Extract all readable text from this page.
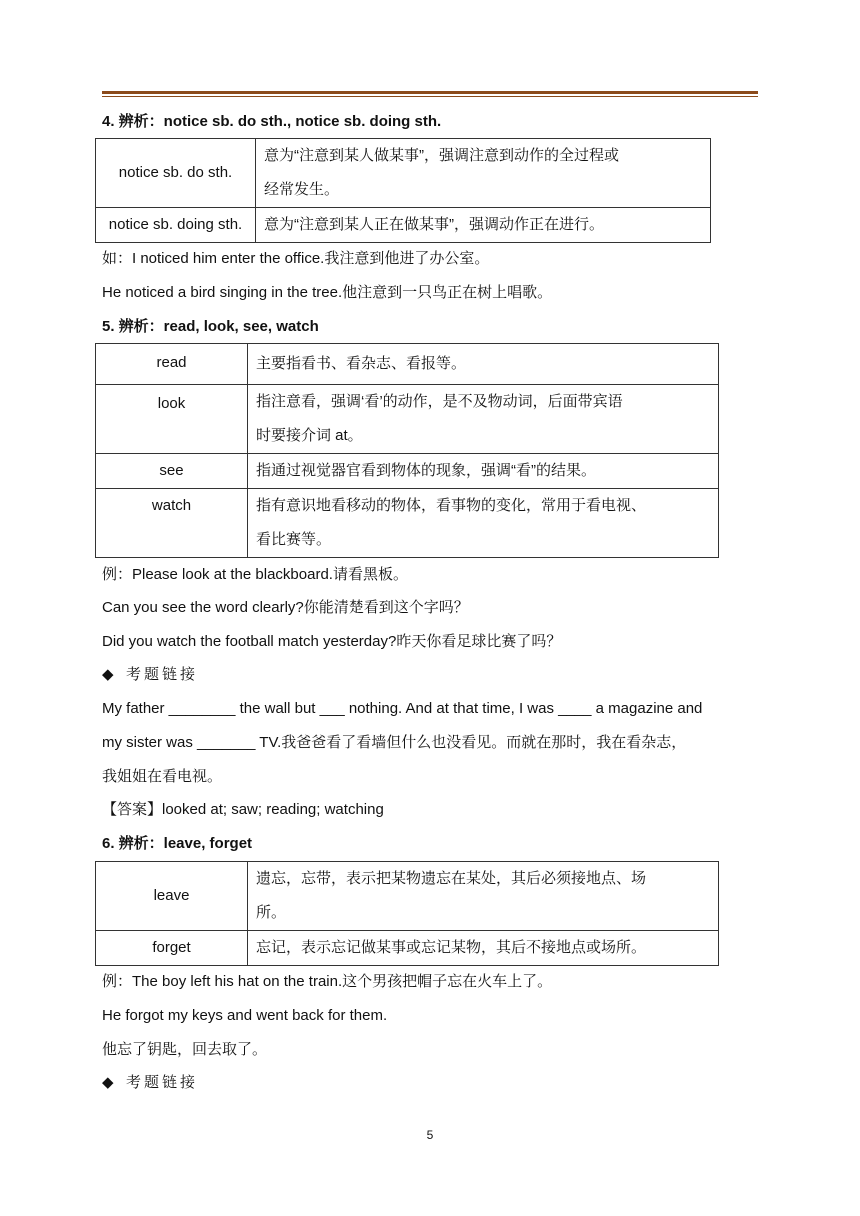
4. 辨析：notice sb. do sth., notice sb. doing sth.
notice sb. do sth.	意为“注意到某人做某事”，强调注意到动作的全过程或
经常发生。

notice sb. doing sth.	意为“注意到某人正在做某事”，强调动作正在进行。
如：I noticed him enter the office.我注意到他进了办公室。
He noticed a bird singing in the tree.他注意到一只鸟正在树上唱歌。
5. 辨析：read, look, see, watch
read	主要指看书、看杂志、看报等。
look	指注意看，强调‘看’的动作，是不及物动词，后面带宾语
时要接介词 at。

see	指通过视觉器官看到物体的现象，强调“看”的结果。
watch	指有意识地看移动的物体，看事物的变化，常用于看电视、
看比赛等。
例：Please look at the blackboard.请看黑板。
Can you see the word clearly?你能清楚看到这个字吗？
Did you watch the football match yesterday?昨天你看足球比赛了吗？
◆ 考题链接
My father ________ the wall but ___ nothing. And at that time, I was ____ a magazine and
my sister was _______ TV.我爸爸看了看墙但什么也没看见。而就在那时，我在看杂志，
我姐姐在看电视。
【答案】looked at; saw; reading; watching
6. 辨析：leave, forget
leave	遗忘，忘带，表示把某物遗忘在某处，其后必须接地点、场
所。

forget	忘记，表示忘记做某事或忘记某物，其后不接地点或场所。
例：The boy left his hat on the train.这个男孩把帽子忘在火车上了。
He forgot my keys and went back for them.
他忘了钥匙，回去取了。
◆ 考题链接
5
